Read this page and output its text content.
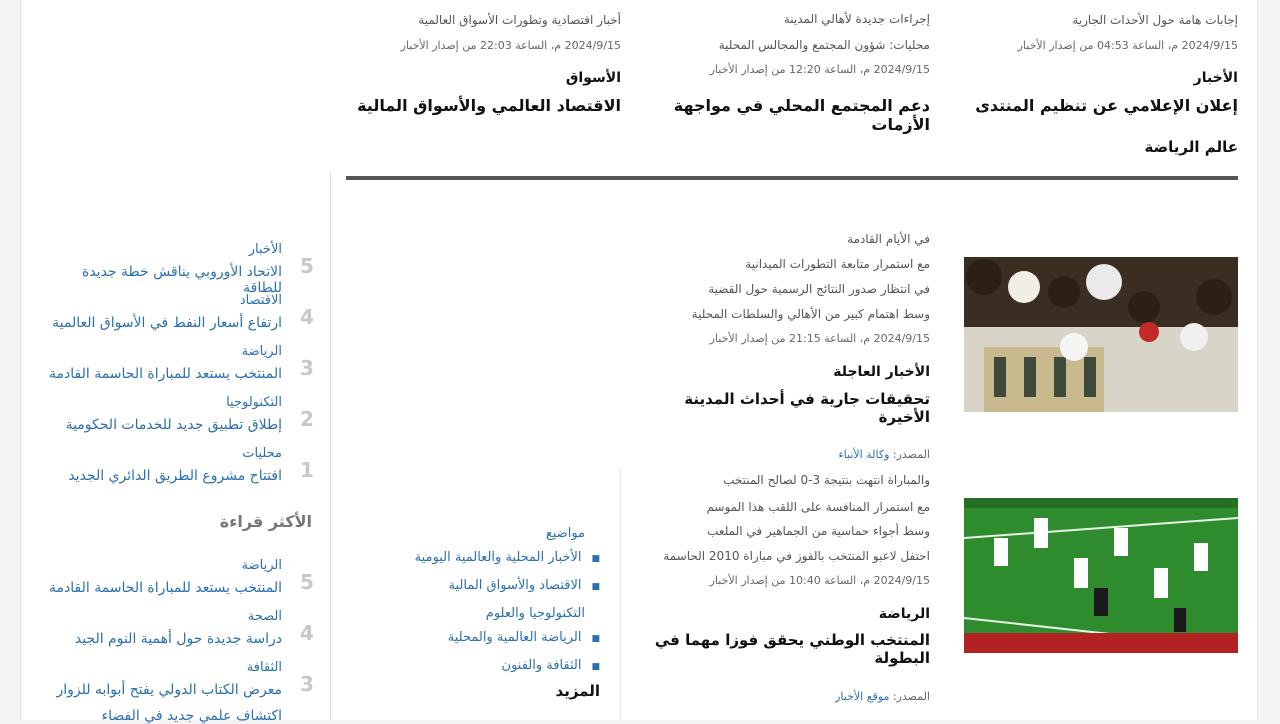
2024/9/15 م، الساعة 04:53 من إصدار الأخبار
إجابات هامة حول الأحداث الجارية
الأخبار
إعلان الإعلامي عن تنظيم المنتدى
2024/9/15 م، الساعة 12:20 من إصدار الأخبار
محليات: شؤون المجتمع والمجالس المحلية
إجراءات جديدة لأهالي المدينة
دعم المجتمع المحلي في مواجهة الأزمات
2024/9/15 م، الساعة 22:03 من إصدار الأخبار
أخبار اقتصادية وتطورات الأسواق العالمية
الأسواق
الاقتصاد العالمي والأسواق المالية
عالم الرياضة
في الأيام القادمة
مع استمرار متابعة التطورات الميدانية
في انتظار صدور النتائج الرسمية حول القضية
وسط اهتمام كبير من الأهالي والسلطات المحلية
2024/9/15 م، الساعة 21:15 من إصدار الأخبار
الأخبار العاجلة
تحقيقات جارية في أحداث المدينة الأخيرة
المصدر: وكالة الأنباء
والمباراة انتهت بنتيجة 3-0 لصالح المنتخب
مع استمرار المنافسة على اللقب هذا الموسم
وسط أجواء حماسية من الجماهير في الملعب
احتفل لاعبو المنتخب بالفوز في مباراة 2010 الحاسمة
2024/9/15 م، الساعة 10:40 من إصدار الأخبار
الرياضة
المنتخب الوطني يحقق فوزا مهما في البطولة
المصدر: موقع الأخبار
مواضيع
■ الأخبار المحلية والعالمية اليومية
■ الاقتصاد والأسواق المالية
التكنولوجيا والعلوم
■ الرياضة العالمية والمحلية
■ الثقافة والفنون
المزيد
5
الأخبار
الاتحاد الأوروبي يناقش خطة جديدة للطاقة
4
الاقتصاد
ارتفاع أسعار النفط في الأسواق العالمية
3
الرياضة
المنتخب يستعد للمباراة الحاسمة القادمة
2
التكنولوجيا
إطلاق تطبيق جديد للخدمات الحكومية
1
محليات
افتتاح مشروع الطريق الدائري الجديد
الأكثر قراءة
5
الرياضة
المنتخب يستعد للمباراة الحاسمة القادمة
4
الصحة
دراسة جديدة حول أهمية النوم الجيد
3
الثقافة
معرض الكتاب الدولي يفتح أبوابه للزوار
اكتشاف علمي جديد في الفضاء
